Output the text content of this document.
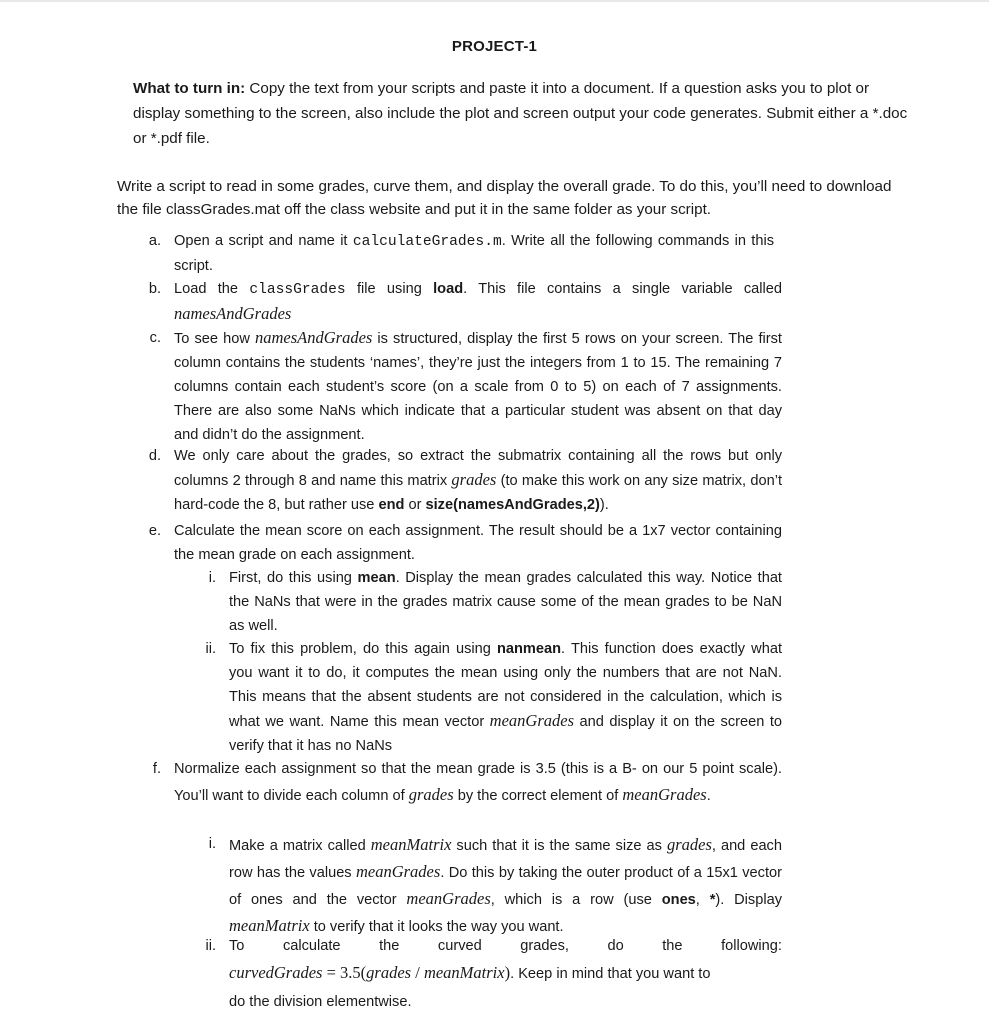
PROJECT-1
What to turn in: Copy the text from your scripts and paste it into a document. If a question asks you to plot or display something to the screen, also include the plot and screen output your code generates. Submit either a *.doc or *.pdf file.
Write a script to read in some grades, curve them, and display the overall grade. To do this, you’ll need to download the file classGrades.mat off the class website and put it in the same folder as your script.
a. Open a script and name it calculateGrades.m. Write all the following commands in this script.
b. Load the classGrades file using load. This file contains a single variable called namesAndGrades
c. To see how namesAndGrades is structured, display the first 5 rows on your screen. The first column contains the students ‘names’, they’re just the integers from 1 to 15. The remaining 7 columns contain each student’s score (on a scale from 0 to 5) on each of 7 assignments. There are also some NaNs which indicate that a particular student was absent on that day and didn’t do the assignment.
d. We only care about the grades, so extract the submatrix containing all the rows but only columns 2 through 8 and name this matrix grades (to make this work on any size matrix, don’t hard-code the 8, but rather use end or size(namesAndGrades,2)).
e. Calculate the mean score on each assignment. The result should be a 1x7 vector containing the mean grade on each assignment.
i. First, do this using mean. Display the mean grades calculated this way. Notice that the NaNs that were in the grades matrix cause some of the mean grades to be NaN as well.
ii. To fix this problem, do this again using nanmean. This function does exactly what you want it to do, it computes the mean using only the numbers that are not NaN. This means that the absent students are not considered in the calculation, which is what we want. Name this mean vector meanGrades and display it on the screen to verify that it has no NaNs
f. Normalize each assignment so that the mean grade is 3.5 (this is a B- on our 5 point scale). You’ll want to divide each column of grades by the correct element of meanGrades.
i. Make a matrix called meanMatrix such that it is the same size as grades, and each row has the values meanGrades. Do this by taking the outer product of a 15x1 vector of ones and the vector meanGrades, which is a row (use ones, *). Display meanMatrix to verify that it looks the way you want.
ii. To	calculate	the	curved	grades,	do	the	following:
curvedGrades = 3.5(grades / meanMatrix). Keep in mind that you want to
do the division elementwise.
